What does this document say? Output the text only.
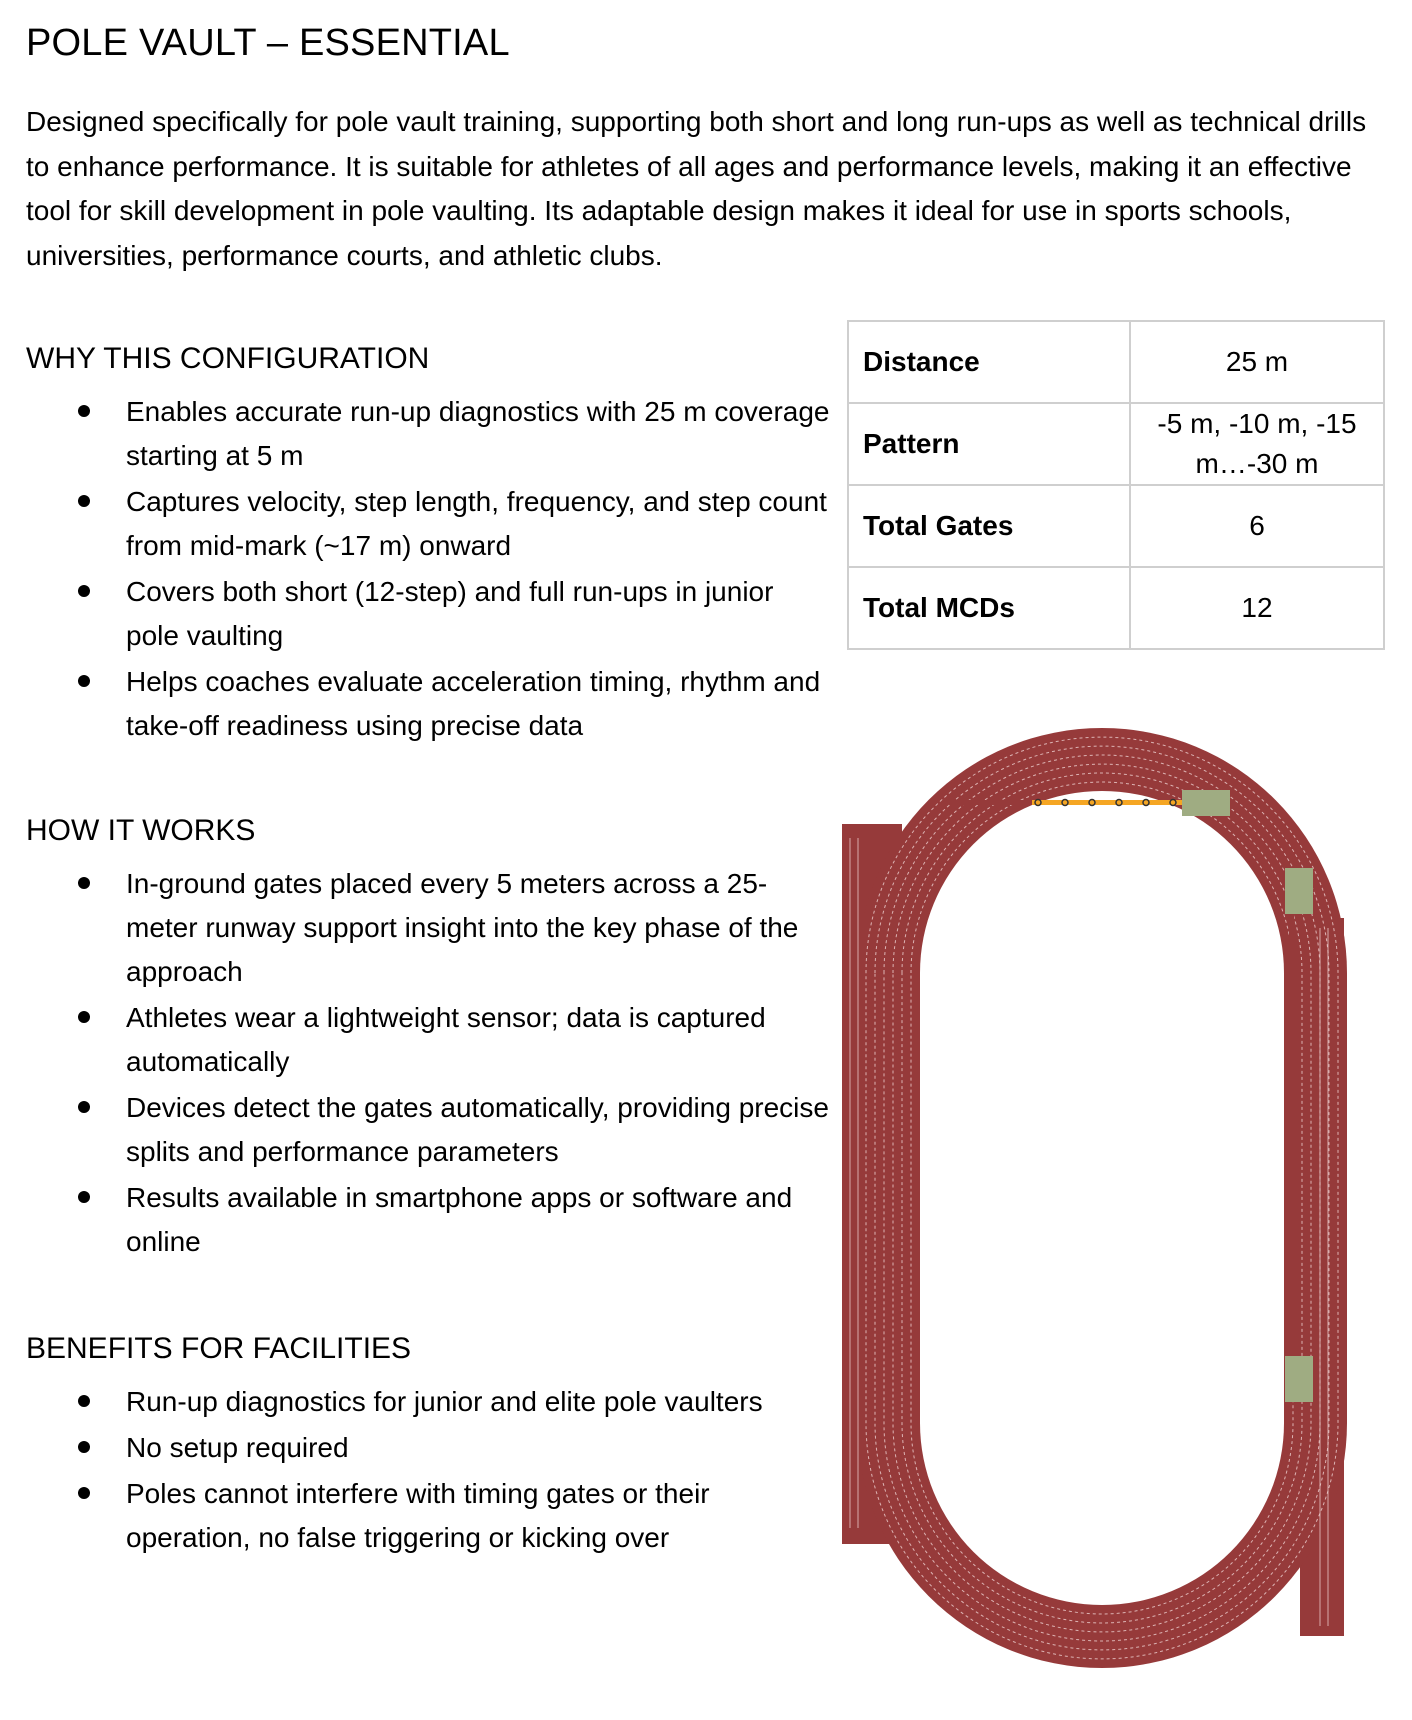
POLE VAULT – ESSENTIAL

Designed specifically for pole vault training, supporting both short and long run-ups as well as technical drills to enhance performance. It is suitable for athletes of all ages and performance levels, making it an effective tool for skill development in pole vaulting. Its adaptable design makes it ideal for use in sports schools, universities, performance courts, and athletic clubs.

WHY THIS CONFIGURATION
Enables accurate run-up diagnostics with 25 m coverage starting at 5 m
Captures velocity, step length, frequency, and step count from mid-mark (~17 m) onward
Covers both short (12-step) and full run-ups in junior pole vaulting
Helps coaches evaluate acceleration timing, rhythm and take-off readiness using precise data
HOW IT WORKS
In-ground gates placed every 5 meters across a 25-meter runway support insight into the key phase of the approach
Athletes wear a lightweight sensor; data is captured automatically
Devices detect the gates automatically, providing precise splits and performance parameters
Results available in smartphone apps or software and online
BENEFITS FOR FACILITIES
Run-up diagnostics for junior and elite pole vaulters
No setup required
Poles cannot interfere with timing gates or their operation, no false triggering or kicking over
Distance	25 m
Pattern	-5 m, -10 m, -15 m…-30 m
Total Gates	6
Total MCDs	12
